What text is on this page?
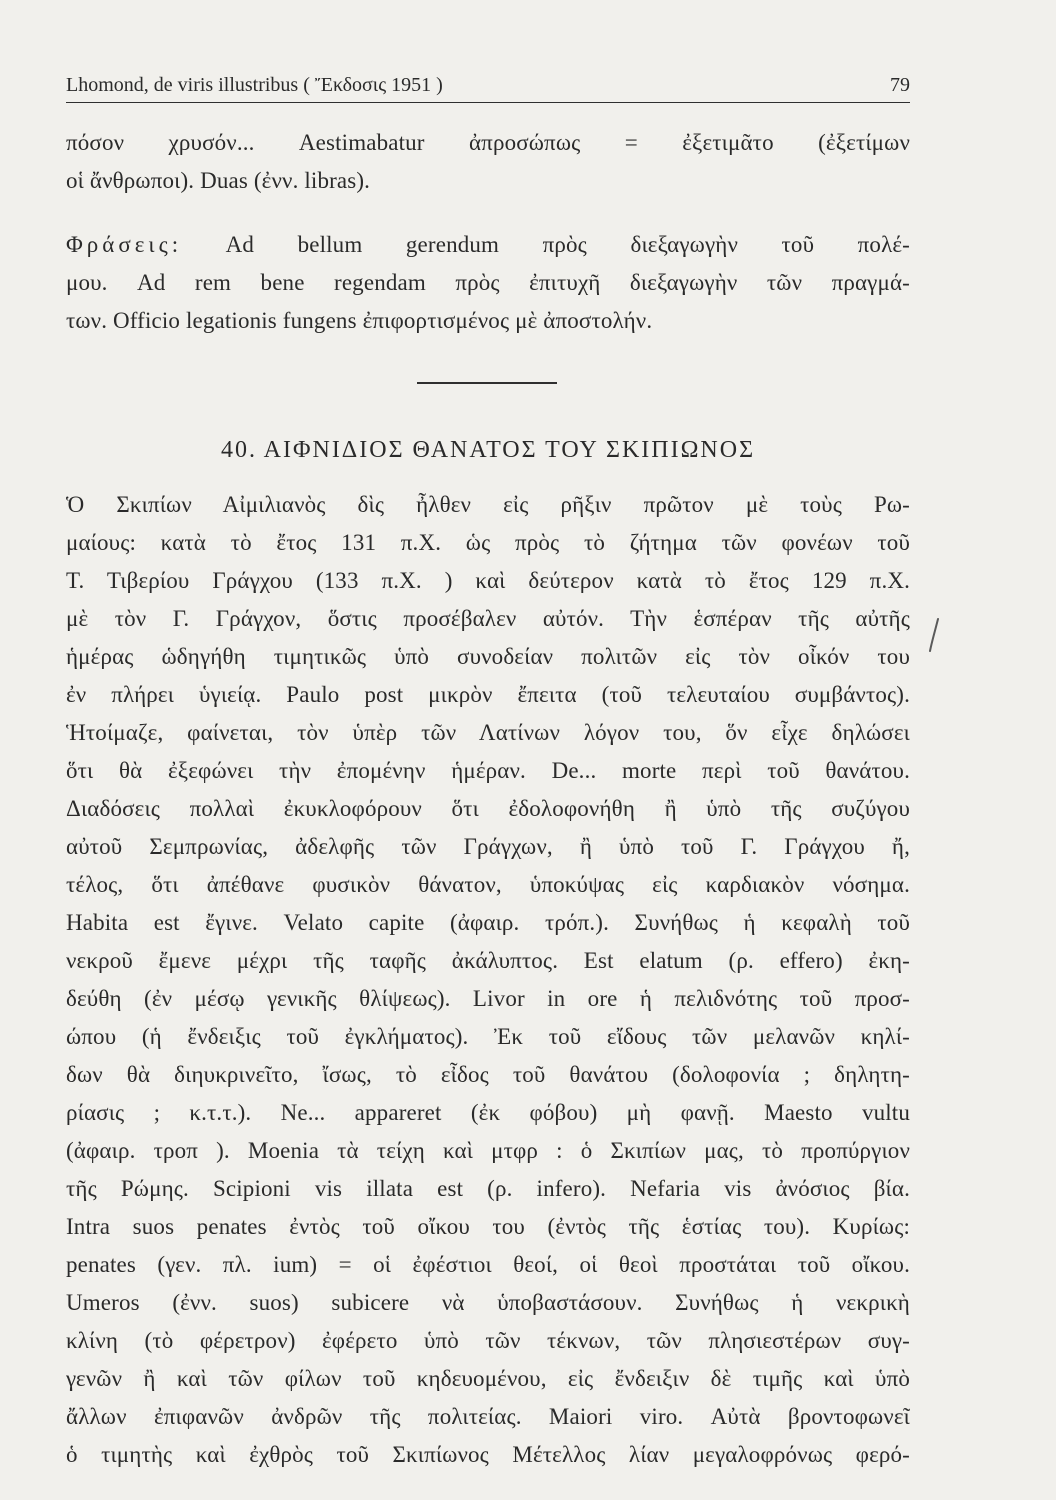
Lhomond, de viris illustribus ( Ἔκδοσις 1951 )	79
πόσον χρυσόν... Aestimabatur ἀπροσώπως = ἐξετιμᾶτο (ἐξετίμων
οἱ ἄνθρωποι). Duas (ἐνν. libras).
Φράσεις: Ad bellum gerendum πρὸς διεξαγωγὴν τοῦ πολέ-
μου. Ad rem bene regendam πρὸς ἐπιτυχῆ διεξαγωγὴν τῶν πραγμά-
των. Officio legationis fungens ἐπιφορτισμένος μὲ ἀποστολήν.
40. ΑΙΦΝΙΔΙΟΣ ΘΑΝΑΤΟΣ ΤΟΥ ΣΚΙΠΙΩΝΟΣ
Ὁ Σκιπίων Αἰμιλιανὸς δὶς ἦλθεν εἰς ρῆξιν πρῶτον μὲ τοὺς Ρω-
μαίους: κατὰ τὸ ἔτος 131 π.Χ. ὡς πρὸς τὸ ζήτημα τῶν φονέων τοῦ
Τ. Τιβερίου Γράγχου (133 π.Χ. ) καὶ δεύτερον κατὰ τὸ ἔτος 129 π.Χ.
μὲ τὸν Γ. Γράγχον, ὅστις προσέβαλεν αὐτόν. Τὴν ἑσπέραν τῆς αὐτῆς
ἡμέρας ὡδηγήθη τιμητικῶς ὑπὸ συνοδείαν πολιτῶν εἰς τὸν οἶκόν του
ἐν πλήρει ὑγιείᾳ. Paulo post μικρὸν ἔπειτα (τοῦ τελευταίου συμβάντος).
Ἡτοίμαζε, φαίνεται, τὸν ὑπὲρ τῶν Λατίνων λόγον του, ὅν εἶχε δηλώσει
ὅτι θὰ ἐξεφώνει τὴν ἐπομένην ἡμέραν. De... morte περὶ τοῦ θανάτου.
Διαδόσεις πολλαὶ ἐκυκλοφόρουν ὅτι ἐδολοφονήθη ἢ ὑπὸ τῆς συζύγου
αὐτοῦ Σεμπρωνίας, ἀδελφῆς τῶν Γράγχων, ἢ ὑπὸ τοῦ Γ. Γράγχου ἤ,
τέλος, ὅτι ἀπέθανε φυσικὸν θάνατον, ὑποκύψας εἰς καρδιακὸν νόσημα.
Habita est ἔγινε. Velato capite (ἀφαιρ. τρόπ.). Συνήθως ἡ κεφαλὴ τοῦ
νεκροῦ ἔμενε μέχρι τῆς ταφῆς ἀκάλυπτος. Est elatum (ρ. effero) ἐκη-
δεύθη (ἐν μέσῳ γενικῆς θλίψεως). Livor in ore ἡ πελιδνότης τοῦ προσ-
ώπου (ἡ ἔνδειξις τοῦ ἐγκλήματος). Ἐκ τοῦ εἴδους τῶν μελανῶν κηλί-
δων θὰ διηυκρινεῖτο, ἴσως, τὸ εἶδος τοῦ θανάτου (δολοφονία ; δηλητη-
ρίασις ; κ.τ.τ.). Ne... appareret (ἐκ φόβου) μὴ φανῇ. Maesto vultu
(ἀφαιρ. τροπ ). Moenia τὰ τείχη καὶ μτφρ : ὁ Σκιπίων μας, τὸ προπύργιον
τῆς Ρώμης. Scipioni vis illata est (ρ. infero). Nefaria vis ἀνόσιος βία.
Intra suos penates ἐντὸς τοῦ οἴκου του (ἐντὸς τῆς ἑστίας του). Κυρίως:
penates (γεν. πλ. ium) = οἱ ἐφέστιοι θεοί, οἱ θεοὶ προστάται τοῦ οἴκου.
Umeros (ἐνν. suos) subicere νὰ ὑποβαστάσουν. Συνήθως ἡ νεκρικὴ
κλίνη (τὸ φέρετρον) ἐφέρετο ὑπὸ τῶν τέκνων, τῶν πλησιεστέρων συγ-
γενῶν ἢ καὶ τῶν φίλων τοῦ κηδευομένου, εἰς ἔνδειξιν δὲ τιμῆς καὶ ὑπὸ
ἄλλων ἐπιφανῶν ἀνδρῶν τῆς πολιτείας. Maiori viro. Αὐτὰ βροντοφωνεῖ
ὁ τιμητὴς καὶ ἐχθρὸς τοῦ Σκιπίωνος Μέτελλος λίαν μεγαλοφρόνως φερό-
